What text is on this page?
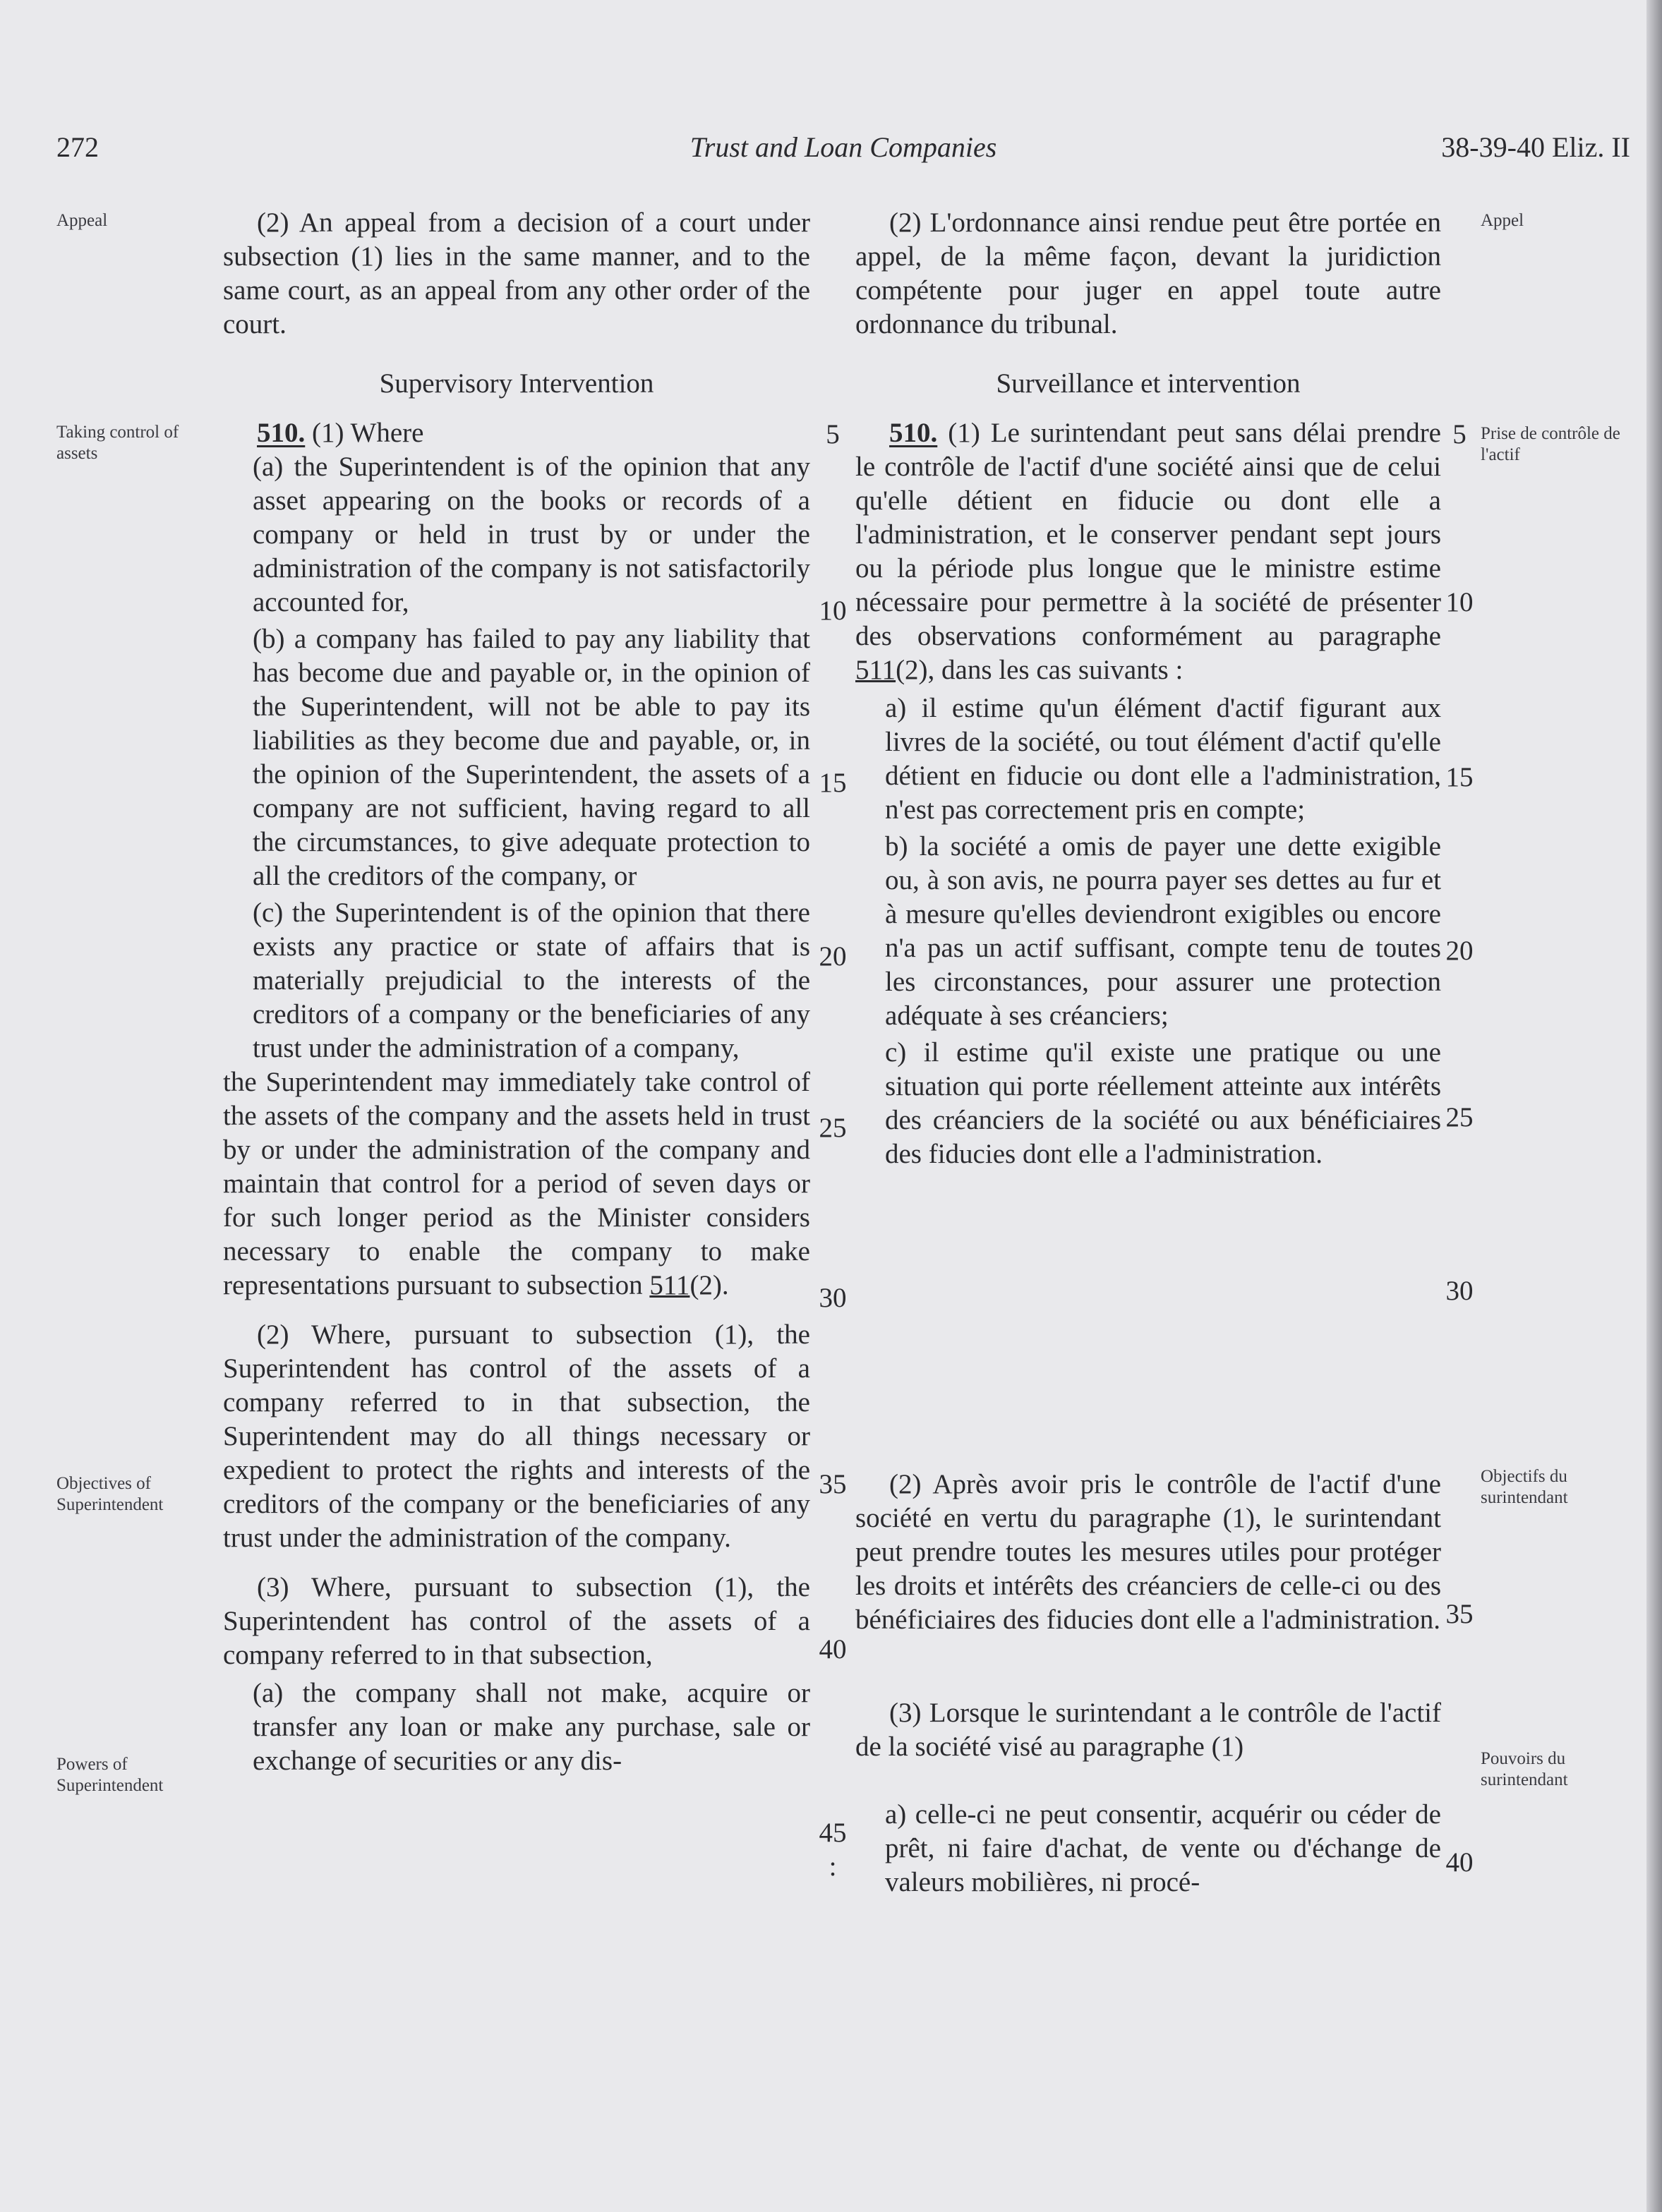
272	Trust and Loan Companies	38-39-40 Eliz. II
Appeal
Taking control of assets
Objectives of Superintendent
Powers of Superintendent
Appel
Prise de contrôle de l'actif
Objectifs du surintendant
Pouvoirs du surintendant
5
10
15
20
25
30
35
40
45 :
5
10
15
20
25
30
35
40

(2) An appeal from a decision of a court under subsection (1) lies in the same manner, and to the same court, as an appeal from any other order of the court.

Supervisory Intervention

510. (1) Where

(a) the Superintendent is of the opinion that any asset appearing on the books or records of a company or held in trust by or under the administration of the company is not satisfactorily accounted for,

(b) a company has failed to pay any liability that has become due and payable or, in the opinion of the Superintendent, will not be able to pay its liabilities as they become due and payable, or, in the opinion of the Superintendent, the assets of a company are not sufficient, having regard to all the circumstances, to give adequate protection to all the creditors of the company, or

(c) the Superintendent is of the opinion that there exists any practice or state of affairs that is materially prejudicial to the interests of the creditors of a company or the beneficiaries of any trust under the administration of a company,

the Superintendent may immediately take control of the assets of the company and the assets held in trust by or under the administration of the company and maintain that control for a period of seven days or for such longer period as the Minister considers necessary to enable the company to make representations pursuant to subsection 511(2).

(2) Where, pursuant to subsection (1), the Superintendent has control of the assets of a company referred to in that subsection, the Superintendent may do all things necessary or expedient to protect the rights and interests of the creditors of the company or the beneficiaries of any trust under the administration of the company.

(3) Where, pursuant to subsection (1), the Superintendent has control of the assets of a company referred to in that subsection,

(a) the company shall not make, acquire or transfer any loan or make any purchase, sale or exchange of securities or any dis-

(2) L'ordonnance ainsi rendue peut être portée en appel, de la même façon, devant la juridiction compétente pour juger en appel toute autre ordonnance du tribunal.

Surveillance et intervention

510. (1) Le surintendant peut sans délai prendre le contrôle de l'actif d'une société ainsi que de celui qu'elle détient en fiducie ou dont elle a l'administration, et le conserver pendant sept jours ou la période plus longue que le ministre estime nécessaire pour permettre à la société de présenter des observations conformément au paragraphe 511(2), dans les cas suivants :

a) il estime qu'un élément d'actif figurant aux livres de la société, ou tout élément d'actif qu'elle détient en fiducie ou dont elle a l'administration, n'est pas correctement pris en compte;

b) la société a omis de payer une dette exigible ou, à son avis, ne pourra payer ses dettes au fur et à mesure qu'elles deviendront exigibles ou encore n'a pas un actif suffisant, compte tenu de toutes les circonstances, pour assurer une protection adéquate à ses créanciers;

c) il estime qu'il existe une pratique ou une situation qui porte réellement atteinte aux intérêts des créanciers de la société ou aux bénéficiaires des fiducies dont elle a l'administration.

(2) Après avoir pris le contrôle de l'actif d'une société en vertu du paragraphe (1), le surintendant peut prendre toutes les mesures utiles pour protéger les droits et intérêts des créanciers de celle-ci ou des bénéficiaires des fiducies dont elle a l'administration.

(3) Lorsque le surintendant a le contrôle de l'actif de la société visé au paragraphe (1)

a) celle-ci ne peut consentir, acquérir ou céder de prêt, ni faire d'achat, de vente ou d'échange de valeurs mobilières, ni procé-
